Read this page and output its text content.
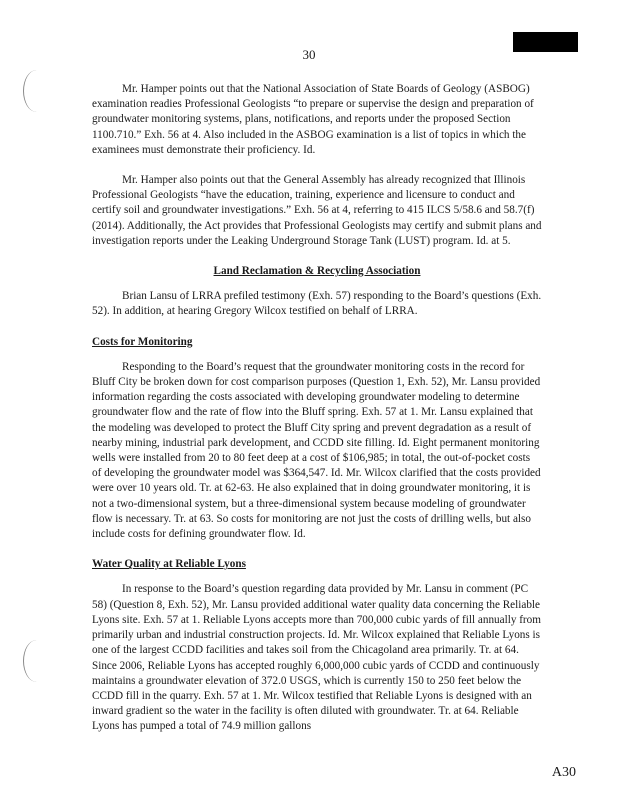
30

Mr. Hamper points out that the National Association of State Boards of Geology (ASBOG) examination readies Professional Geologists “to prepare or supervise the design and preparation of groundwater monitoring systems, plans, notifications, and reports under the proposed Section 1100.710.” Exh. 56 at 4. Also included in the ASBOG examination is a list of topics in which the examinees must demonstrate their proficiency. Id.

Mr. Hamper also points out that the General Assembly has already recognized that Illinois Professional Geologists “have the education, training, experience and licensure to conduct and certify soil and groundwater investigations.” Exh. 56 at 4, referring to 415 ILCS 5/58.6 and 58.7(f) (2014). Additionally, the Act provides that Professional Geologists may certify and submit plans and investigation reports under the Leaking Underground Storage Tank (LUST) program. Id. at 5.

Land Reclamation & Recycling Association

Brian Lansu of LRRA prefiled testimony (Exh. 57) responding to the Board’s questions (Exh. 52). In addition, at hearing Gregory Wilcox testified on behalf of LRRA.

Costs for Monitoring

Responding to the Board’s request that the groundwater monitoring costs in the record for Bluff City be broken down for cost comparison purposes (Question 1, Exh. 52), Mr. Lansu provided information regarding the costs associated with developing groundwater modeling to determine groundwater flow and the rate of flow into the Bluff spring. Exh. 57 at 1. Mr. Lansu explained that the modeling was developed to protect the Bluff City spring and prevent degradation as a result of nearby mining, industrial park development, and CCDD site filling. Id. Eight permanent monitoring wells were installed from 20 to 80 feet deep at a cost of $106,985; in total, the out-of-pocket costs of developing the groundwater model was $364,547. Id. Mr. Wilcox clarified that the costs provided were over 10 years old. Tr. at 62-63. He also explained that in doing groundwater monitoring, it is not a two-dimensional system, but a three-dimensional system because modeling of groundwater flow is necessary. Tr. at 63. So costs for monitoring are not just the costs of drilling wells, but also include costs for defining groundwater flow. Id.

Water Quality at Reliable Lyons

In response to the Board’s question regarding data provided by Mr. Lansu in comment (PC 58) (Question 8, Exh. 52), Mr. Lansu provided additional water quality data concerning the Reliable Lyons site. Exh. 57 at 1. Reliable Lyons accepts more than 700,000 cubic yards of fill annually from primarily urban and industrial construction projects. Id. Mr. Wilcox explained that Reliable Lyons is one of the largest CCDD facilities and takes soil from the Chicagoland area primarily. Tr. at 64. Since 2006, Reliable Lyons has accepted roughly 6,000,000 cubic yards of CCDD and continuously maintains a groundwater elevation of 372.0 USGS, which is currently 150 to 250 feet below the CCDD fill in the quarry. Exh. 57 at 1. Mr. Wilcox testified that Reliable Lyons is designed with an inward gradient so the water in the facility is often diluted with groundwater. Tr. at 64. Reliable Lyons has pumped a total of 74.9 million gallons

A30
